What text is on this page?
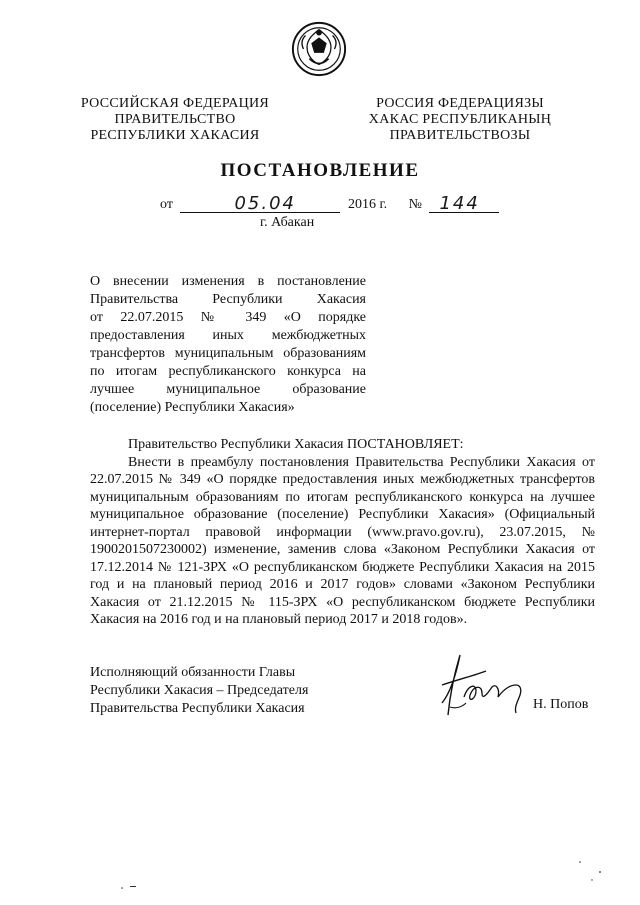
РОССИЙСКАЯ ФЕДЕРАЦИЯ
ПРАВИТЕЛЬСТВО
РЕСПУБЛИКИ ХАКАСИЯ
РОССИЯ ФЕДЕРАЦИЯЗЫ
ХАКАС РЕСПУБЛИКАНЫҢ
ПРАВИТЕЛЬСТВОЗЫ
ПОСТАНОВЛЕНИЕ
от	05.04	2016 г. № 144
г. Абакан
О внесении изменения в постановление
Правительства Республики Хакасия
от 22.07.2015 № 349 «О порядке
предоставления иных межбюджетных
трансфертов муниципальным образованиям
по итогам республиканского конкурса на
лучшее муниципальное образование
(поселение) Республики Хакасия»

Правительство Республики Хакасия ПОСТАНОВЛЯЕТ:

Внести в преамбулу постановления Правительства Республики Хакасия от 22.07.2015 № 349 «О порядке предоставления иных межбюджетных трансфертов муниципальным образованиям по итогам республиканского конкурса на лучшее муниципальное образование (поселение) Республики Хакасия» (Официальный интернет-портал правовой информации (www.pravo.gov.ru), 23.07.2015, № 1900201507230002) изменение, заменив слова «Законом Республики Хакасия от 17.12.2014 № 121-ЗРХ «О республиканском бюджете Республики Хакасия на 2015 год и на плановый период 2016 и 2017 годов» словами «Законом Республики Хакасия от 21.12.2015 № 115-ЗРХ «О республиканском бюджете Республики Хакасия на 2016 год и на плановый период 2017 и 2018 годов».

Исполняющий обязанности Главы
Республики Хакасия – Председателя
Правительства Республики Хакасия	Н. Попов
